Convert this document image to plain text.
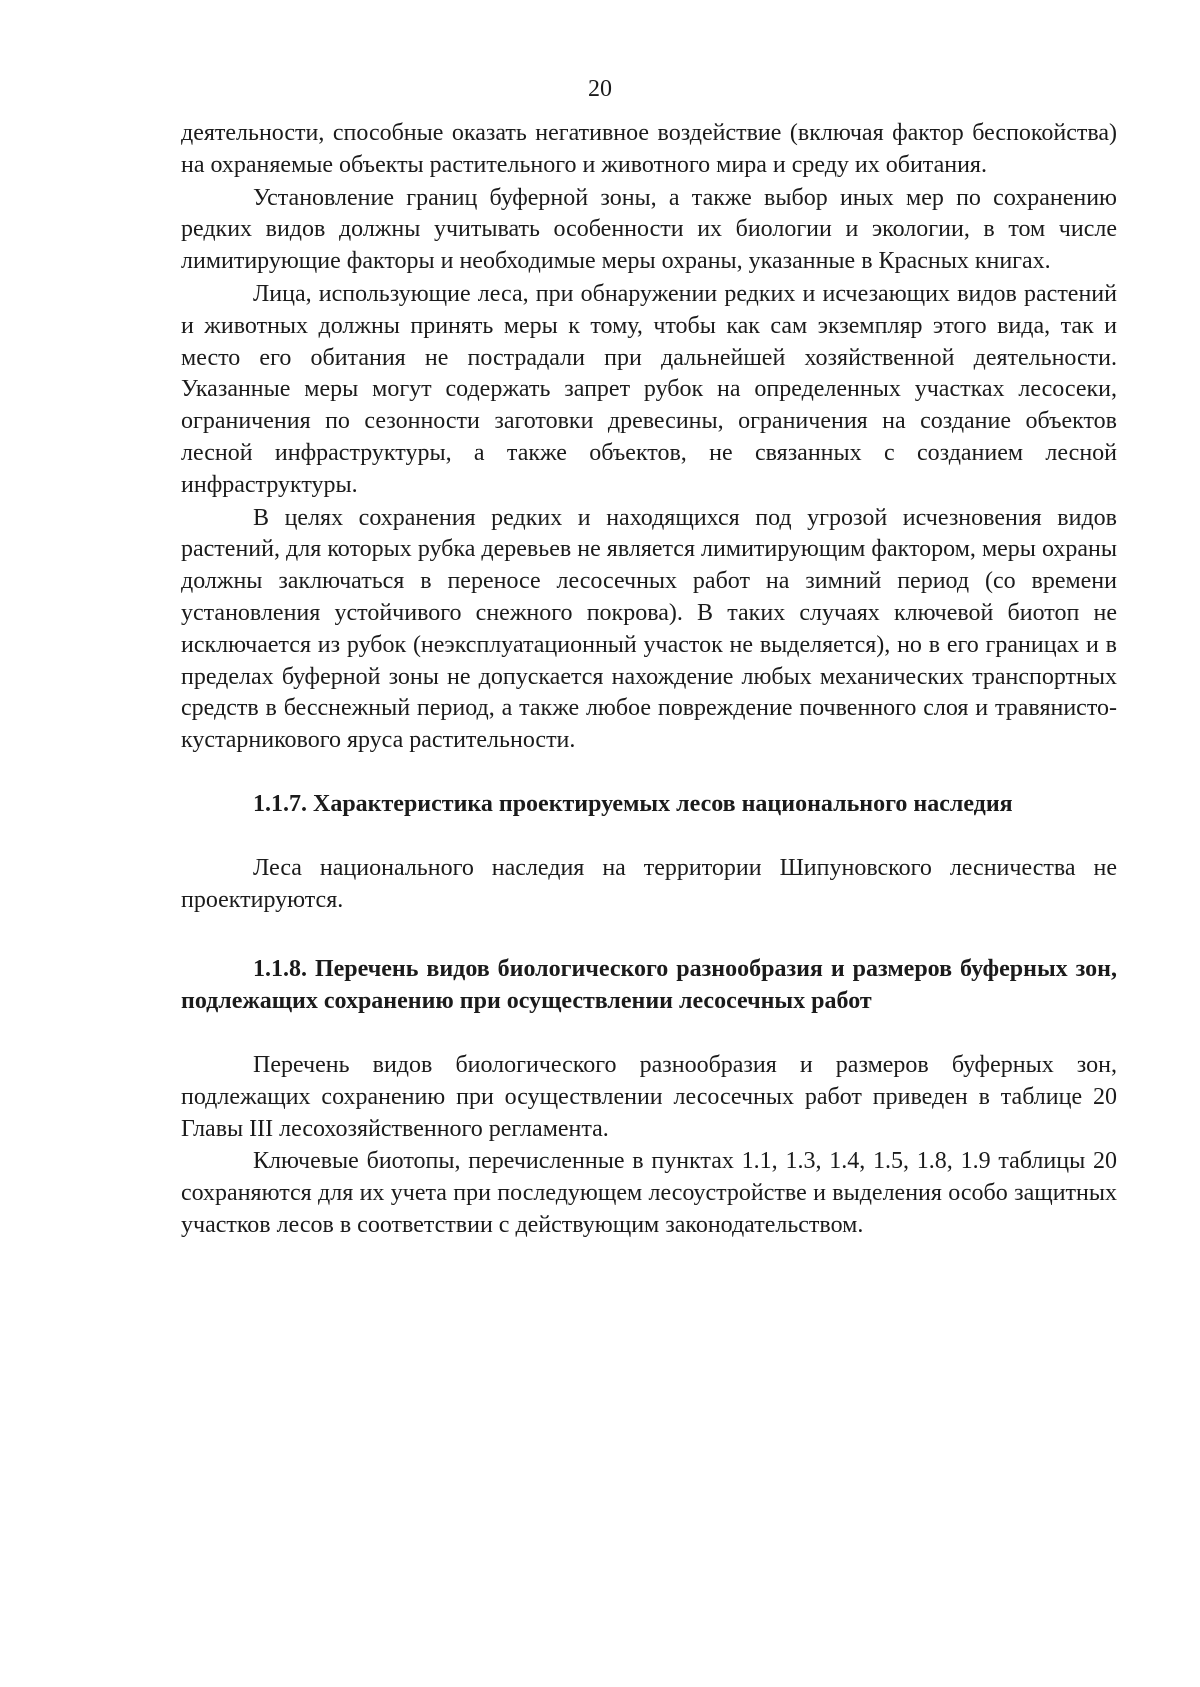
20

деятельности, способные оказать негативное воздействие (включая фактор беспокойства) на охраняемые объекты растительного и животного мира и среду их обитания.

Установление границ буферной зоны, а также выбор иных мер по сохранению редких видов должны учитывать особенности их биологии и экологии, в том числе лимитирующие факторы и необходимые меры охраны, указанные в Красных книгах.

Лица, использующие леса, при обнаружении редких и исчезающих видов растений и животных должны принять меры к тому, чтобы как сам экземпляр этого вида, так и место его обитания не пострадали при дальнейшей хозяйственной деятельности. Указанные меры могут содержать запрет рубок на определенных участках лесосеки, ограничения по сезонности заготовки древесины, ограничения на создание объектов лесной инфраструктуры, а также объектов, не связанных с созданием лесной инфраструктуры.

В целях сохранения редких и находящихся под угрозой исчезновения видов растений, для которых рубка деревьев не является лимитирующим фактором, меры охраны должны заключаться в переносе лесосечных работ на зимний период (со времени установления устойчивого снежного покрова). В таких случаях ключевой биотоп не исключается из рубок (неэксплуатационный участок не выделяется), но в его границах и в пределах буферной зоны не допускается нахождение любых механических транспортных средств в бесснежный период, а также любое повреждение почвенного слоя и травянисто-кустарникового яруса растительности.

1.1.7. Характеристика проектируемых лесов национального наследия

Леса национального наследия на территории Шипуновского лесничества не проектируются.

1.1.8. Перечень видов биологического разнообразия и размеров буферных зон, подлежащих сохранению при осуществлении лесосечных работ

Перечень видов биологического разнообразия и размеров буферных зон, подлежащих сохранению при осуществлении лесосечных работ приведен в таблице 20 Главы III лесохозяйственного регламента.

Ключевые биотопы, перечисленные в пунктах 1.1, 1.3, 1.4, 1.5, 1.8, 1.9 таблицы 20 сохраняются для их учета при последующем лесоустройстве и выделения особо защитных участков лесов в соответствии с действующим законодательством.
